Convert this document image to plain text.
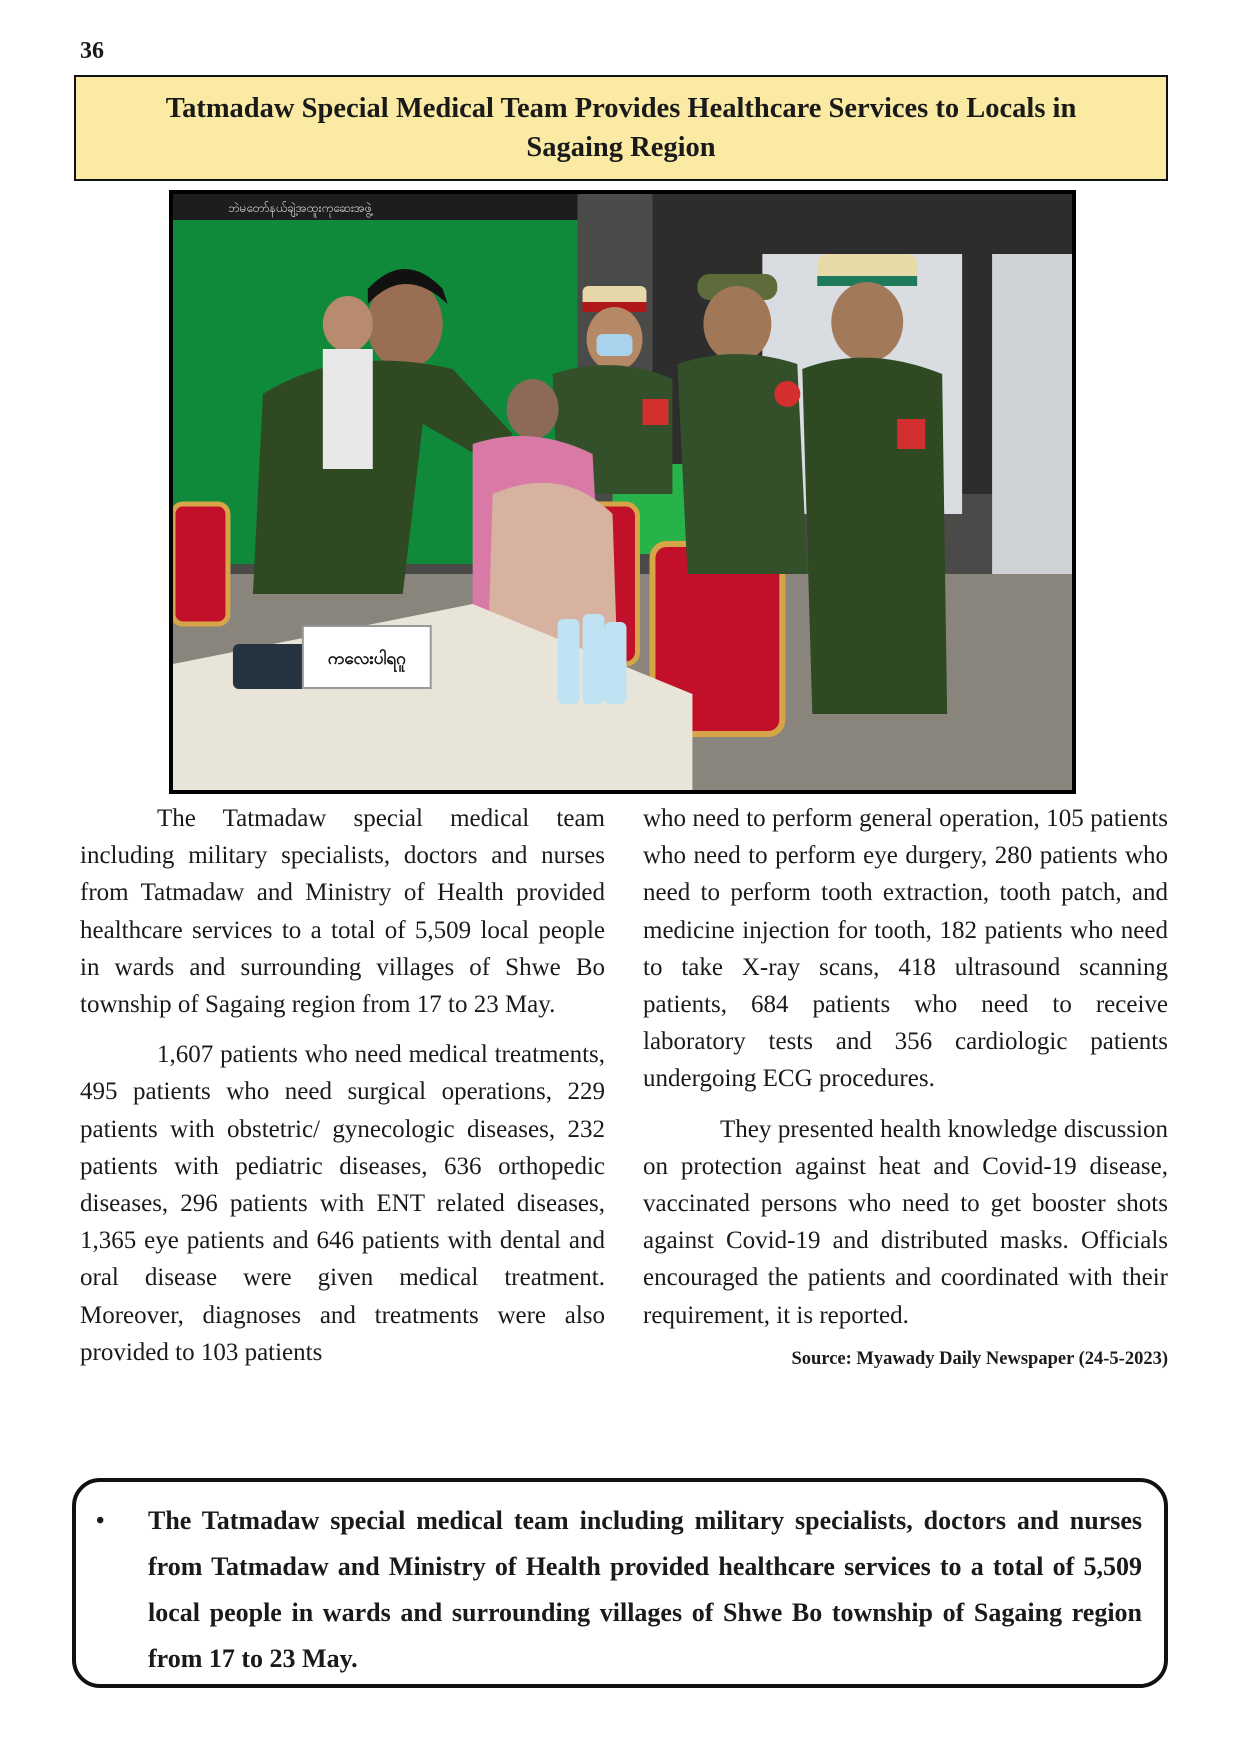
36
Tatmadaw Special Medical Team Provides Healthcare Services to Locals in Sagaing Region
ဘဲမတော်နယ်ချဲ့အထူးကုဆေးအဖွဲ့
ကလေးပါရဂူ

The Tatmadaw special medical team including military specialists, doctors and nurses from Tatmadaw and Ministry of Health provided healthcare services to a total of 5,509 local people in wards and surrounding villages of Shwe Bo township of Sagaing region from 17 to 23 May.

1,607 patients who need medical treatments, 495 patients who need surgical operations, 229 patients with obstetric/ gynecologic diseases, 232 patients with pediatric diseases, 636 orthopedic diseases, 296 patients with ENT related diseases, 1,365 eye patients and 646 patients with dental and oral disease were given medical treatment. Moreover, diagnoses and treatments were also provided to 103 patients

who need to perform general operation, 105 patients who need to perform eye durgery, 280 patients who need to perform tooth extraction, tooth patch, and medicine injection for tooth, 182 patients who need to take X-ray scans, 418 ultrasound scanning patients, 684 patients who need to receive laboratory tests and 356 cardiologic patients undergoing ECG procedures.

They presented health knowledge discussion on protection against heat and Covid-19 disease, vaccinated persons who need to get booster shots against Covid-19 and distributed masks. Officials encouraged the patients and coordinated with their requirement, it is reported.

Source: Myawady Daily Newspaper (24-5-2023)
• The Tatmadaw special medical team including military specialists, doctors and nurses from Tatmadaw and Ministry of Health provided healthcare services to a total of 5,509 local people in wards and surrounding villages of Shwe Bo township of Sagaing region from 17 to 23 May.
